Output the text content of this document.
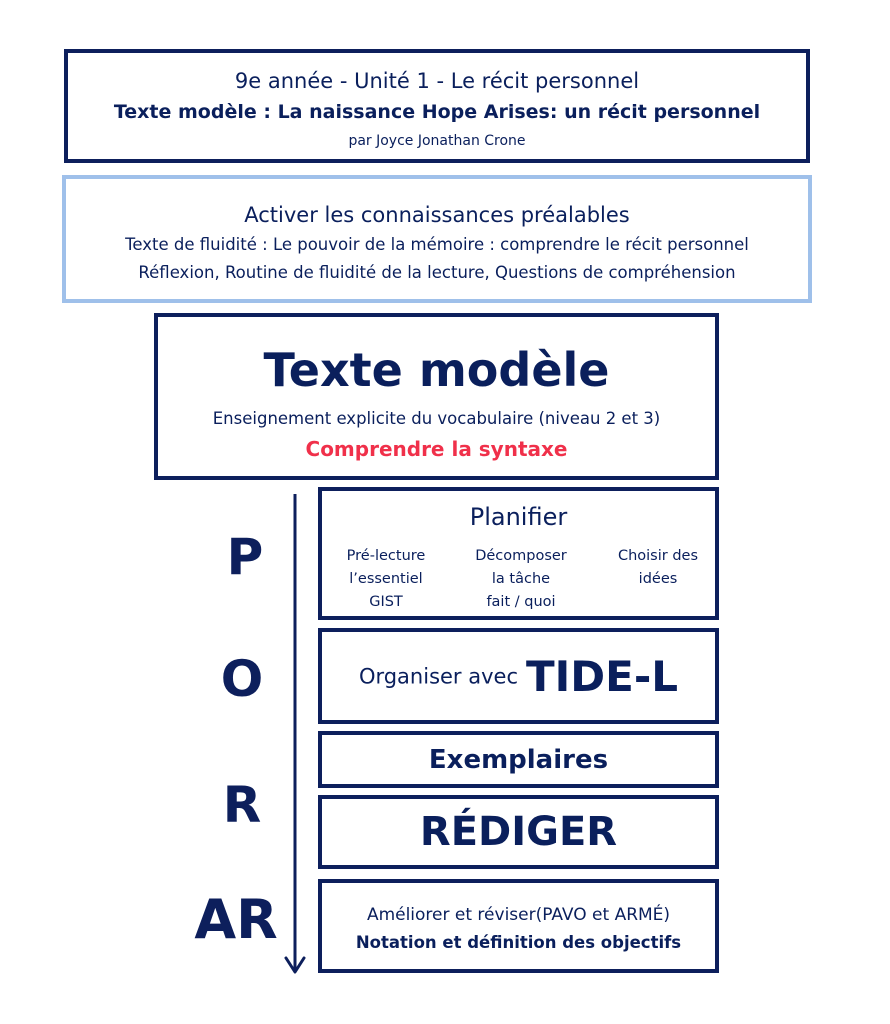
9e année - Unité 1 - Le récit personnel
Texte modèle : La naissance Hope Arises: un récit personnel
par Joyce Jonathan Crone
Activer les connaissances préalables
Texte de fluidité : Le pouvoir de la mémoire : comprendre le récit personnel
Réflexion, Routine de fluidité de la lecture, Questions de compréhension
Texte modèle
Enseignement explicite du vocabulaire (niveau 2 et 3)
Comprendre la syntaxe
P
O
R
AR
Planifier
Pré-lecture
l’essentiel
GIST
Décomposer
la tâche
fait / quoi
Choisir des
idées
Organiser avec TIDE-L
Exemplaires
RÉDIGER
Améliorer et réviser(PAVO et ARMÉ)
Notation et définition des objectifs
